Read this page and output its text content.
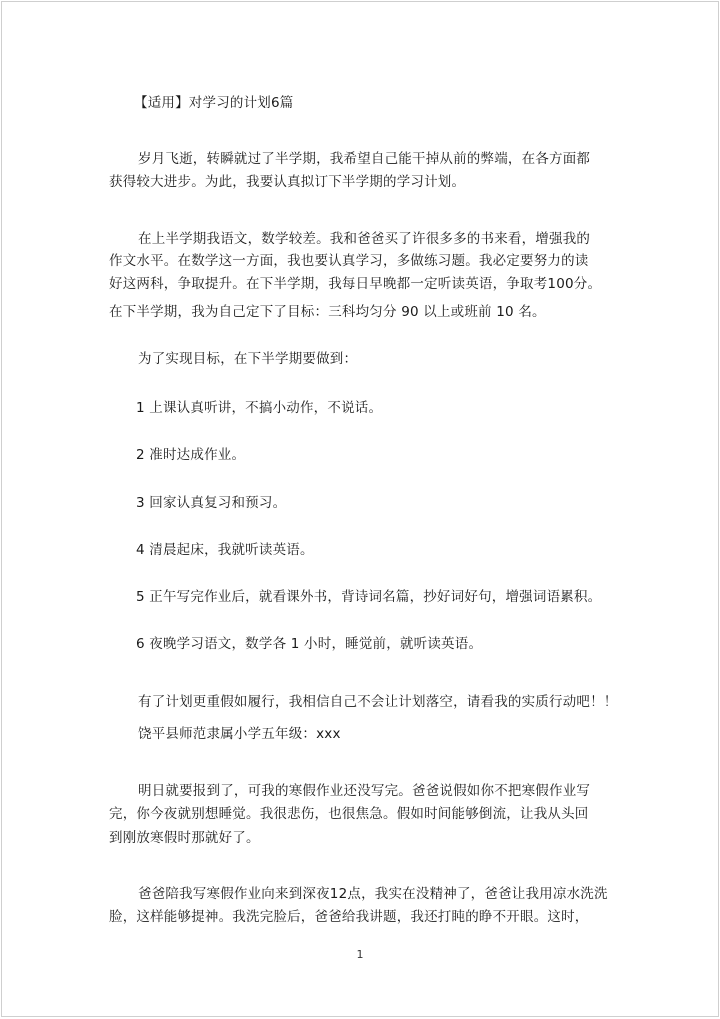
【适用】对学习的计划6篇
岁月飞逝，转瞬就过了半学期，我希望自己能干掉从前的弊端，在各方面都
获得较大进步。为此，我要认真拟订下半学期的学习计划。
在上半学期我语文，数学较差。我和爸爸买了许很多多的书来看，增强我的
作文水平。在数学这一方面，我也要认真学习，多做练习题。我必定要努力的读
好这两科，争取提升。在下半学期，我每日早晚都一定听读英语，争取考100分。
在下半学期，我为自己定下了目标：三科均匀分 90 以上或班前 10 名。
为了实现目标，在下半学期要做到：
1 上课认真听讲，不搞小动作，不说话。
2 准时达成作业。
3 回家认真复习和预习。
4 清晨起床，我就听读英语。
5 正午写完作业后，就看课外书，背诗词名篇，抄好词好句，增强词语累积。
6 夜晚学习语文，数学各 1 小时，睡觉前，就听读英语。
有了计划更重假如履行，我相信自己不会让计划落空，请看我的实质行动吧！！
饶平县师范隶属小学五年级：xxx
明日就要报到了，可我的寒假作业还没写完。爸爸说假如你不把寒假作业写
完，你今夜就别想睡觉。我很悲伤，也很焦急。假如时间能够倒流，让我从头回
到刚放寒假时那就好了。
爸爸陪我写寒假作业向来到深夜12点，我实在没精神了，爸爸让我用凉水洗洗
脸，这样能够提神。我洗完脸后，爸爸给我讲题，我还打盹的睁不开眼。这时，
1
